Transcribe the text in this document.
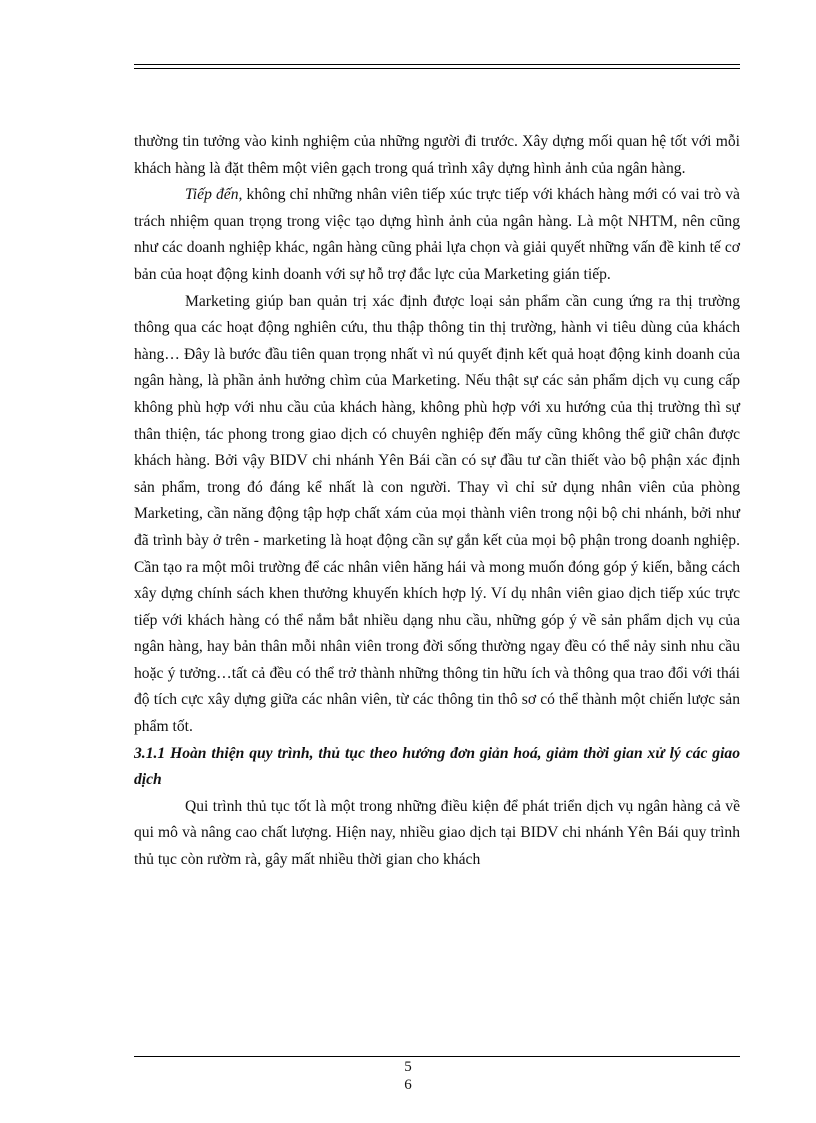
thường tin tưởng vào kinh nghiệm của những người đi trước. Xây dựng mối quan hệ tốt với mỗi khách hàng là đặt thêm một viên gạch trong quá trình xây dựng hình ảnh của ngân hàng.

Tiếp đến, không chỉ những nhân viên tiếp xúc trực tiếp với khách hàng mới có vai trò và trách nhiệm quan trọng trong việc tạo dựng hình ảnh của ngân hàng. Là một NHTM, nên cũng như các doanh nghiệp khác, ngân hàng cũng phải lựa chọn và giải quyết những vấn đề kinh tế cơ bản của hoạt động kinh doanh với sự hỗ trợ đắc lực của Marketing gián tiếp.

Marketing giúp ban quản trị xác định được loại sản phẩm cần cung ứng ra thị trường thông qua các hoạt động nghiên cứu, thu thập thông tin thị trường, hành vi tiêu dùng của khách hàng… Đây là bước đầu tiên quan trọng nhất vì nú quyết định kết quả hoạt động kinh doanh của ngân hàng, là phần ảnh hưởng chìm của Marketing. Nếu thật sự các sản phẩm dịch vụ cung cấp không phù hợp với nhu cầu của khách hàng, không phù hợp với xu hướng của thị trường thì sự thân thiện, tác phong trong giao dịch có chuyên nghiệp đến mấy cũng không thể giữ chân được khách hàng. Bởi vậy BIDV chi nhánh Yên Bái cần có sự đầu tư cần thiết vào bộ phận xác định sản phẩm, trong đó đáng kể nhất là con người. Thay vì chỉ sử dụng nhân viên của phòng Marketing, cần năng động tập hợp chất xám của mọi thành viên trong nội bộ chi nhánh, bởi như đã trình bày ở trên - marketing là hoạt động cần sự gắn kết của mọi bộ phận trong doanh nghiệp. Cần tạo ra một môi trường để các nhân viên hăng hái và mong muốn đóng góp ý kiến, bằng cách xây dựng chính sách khen thưởng khuyến khích hợp lý. Ví dụ nhân viên giao dịch tiếp xúc trực tiếp với khách hàng có thể nắm bắt nhiều dạng nhu cầu, những góp ý về sản phẩm dịch vụ của ngân hàng, hay bản thân mỗi nhân viên trong đời sống thường ngay đều có thể nảy sinh nhu cầu hoặc ý tưởng…tất cả đều có thể trở thành những thông tin hữu ích và thông qua trao đổi với thái độ tích cực xây dựng giữa các nhân viên, từ các thông tin thô sơ có thể thành một chiến lược sản phẩm tốt.

3.1.1 Hoàn thiện quy trình, thủ tục theo hướng đơn giản hoá, giảm thời gian xử lý các giao dịch

Qui trình thủ tục tốt là một trong những điều kiện để phát triển dịch vụ ngân hàng cả về qui mô và nâng cao chất lượng. Hiện nay, nhiều giao dịch tại BIDV chi nhánh Yên Bái quy trình thủ tục còn rườm rà, gây mất nhiều thời gian cho khách

5
6
